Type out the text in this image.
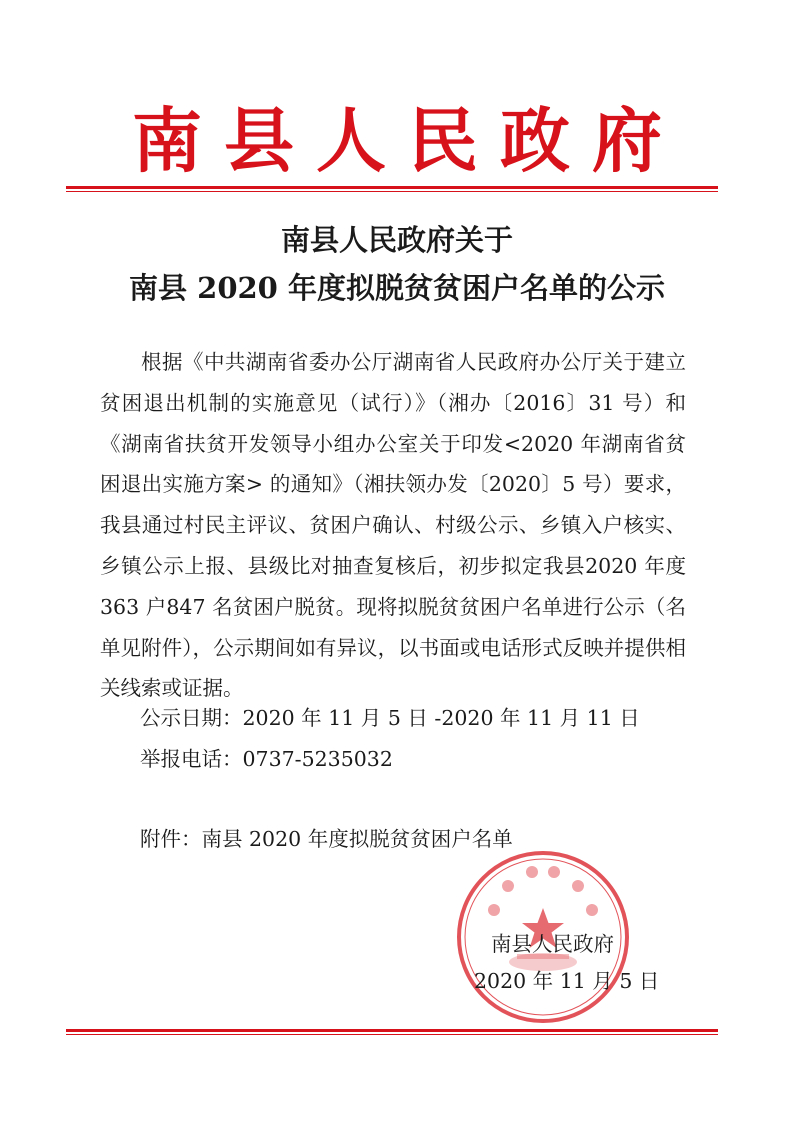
南县人民政府
南县人民政府关于
南县 2020 年度拟脱贫贫困户名单的公示

根据《中共湖南省委办公厅湖南省人民政府办公厅关于建立贫困退出机制的实施意见（试行）》（湘办〔2016〕31 号）和《湖南省扶贫开发领导小组办公室关于印发<2020 年湖南省贫困退出实施方案> 的通知》（湘扶领办发〔2020〕5 号）要求，我县通过村民主评议、贫困户确认、村级公示、乡镇入户核实、乡镇公示上报、县级比对抽查复核后，初步拟定我县2020 年度363 户847 名贫困户脱贫。现将拟脱贫贫困户名单进行公示（名单见附件），公示期间如有异议，以书面或电话形式反映并提供相关线索或证据。

公示日期：2020 年 11 月 5 日 -2020 年 11 月 11 日
举报电话：0737-5235032
附件：南县 2020 年度拟脱贫贫困户名单
南县人民政府
2020 年 11 月 5 日
